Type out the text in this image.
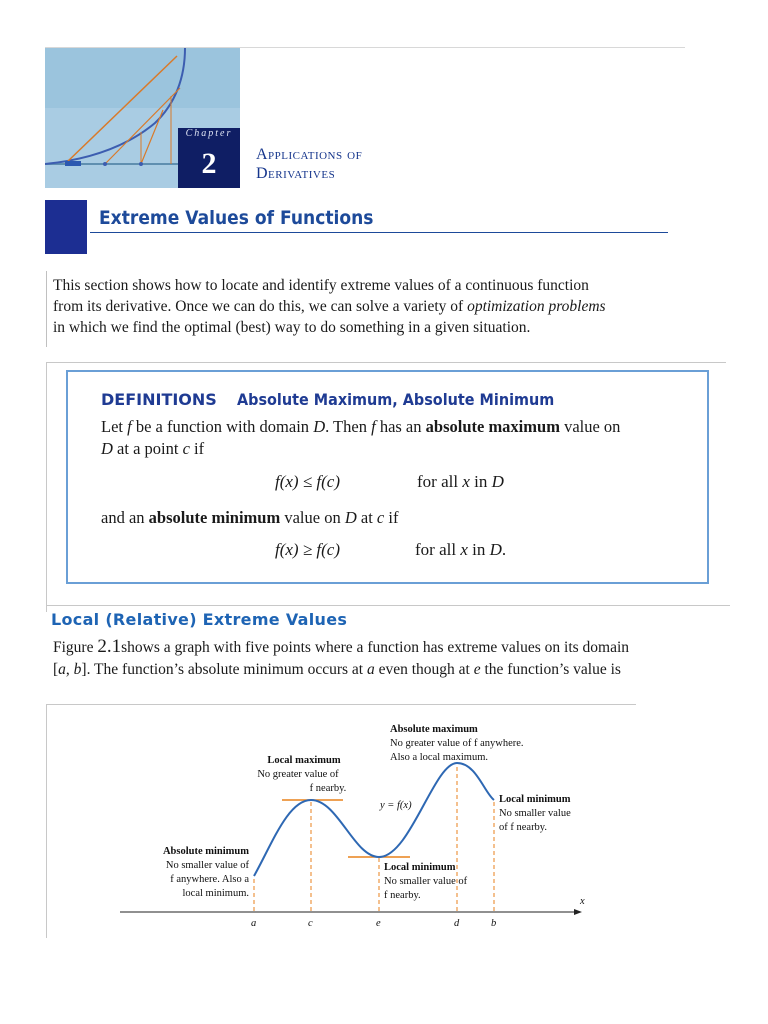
Chapter
2	Applications of
Derivatives
Extreme Values of Functions
This section shows how to locate and identify extreme values of a continuous function
from its derivative. Once we can do this, we can solve a variety of optimization problems
in which we find the optimal (best) way to do something in a given situation.
DEFINITIONS Absolute Maximum, Absolute Minimum
Let f be a function with domain D. Then f has an absolute maximum value on
D at a point c if
f(x) ≤ f(c)	for all x in D
and an absolute minimum value on D at c if
f(x) ≥ f(c)	for all x in D.
Local (Relative) Extreme Values
Figure 2.1shows a graph with five points where a function has extreme values on its domain
[a, b]. The function’s absolute minimum occurs at a even though at e the function’s value is
x
a	c	e	d	b
y = f(x)
Absolute maximum
No greater value of f anywhere.
Also a local maximum.
Local maximum
No greater value of
f nearby.
Local minimum
No smaller value
of f nearby.
Absolute minimum
No smaller value of
f anywhere. Also a
local minimum.
Local minimum
No smaller value of
f nearby.
